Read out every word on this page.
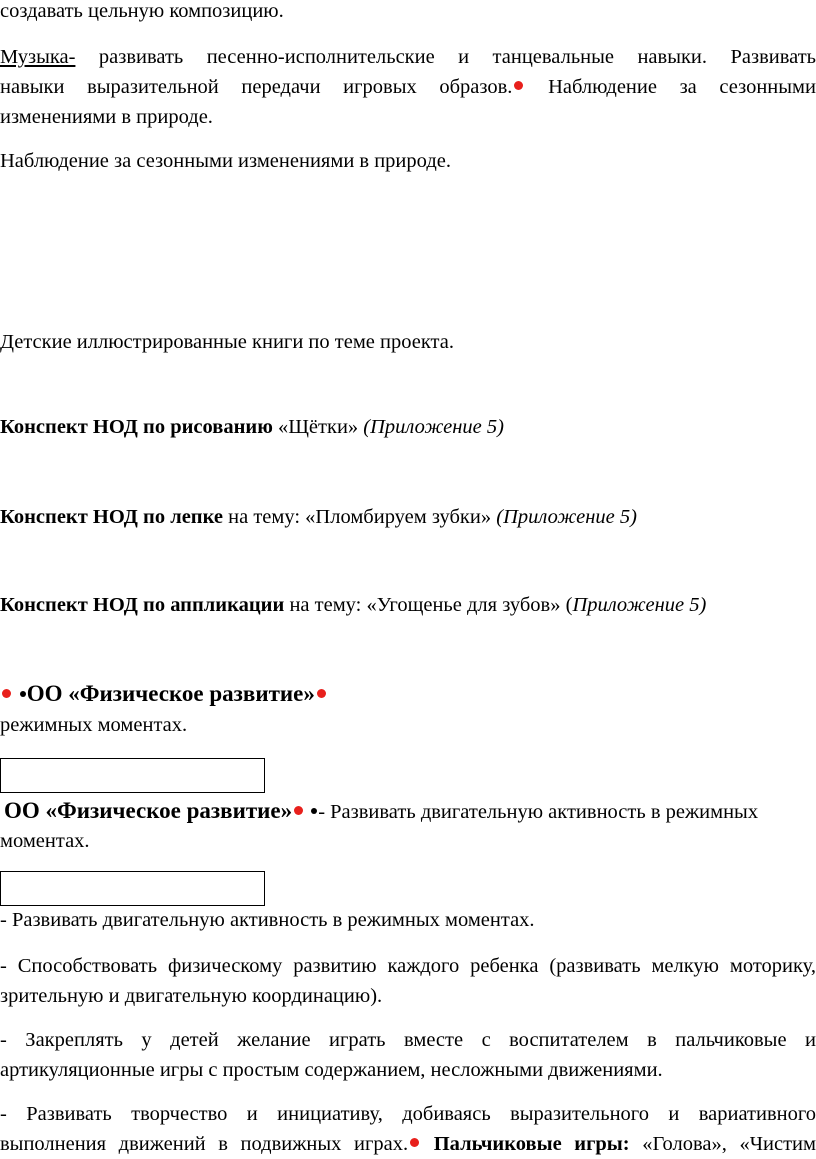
создавать цельную композицию.
Музыка- развивать песенно-исполнительские и танцевальные навыки. Развивать
навыки выразительной передачи игровых образов. Наблюдение за сезонными
изменениями в природе.
Наблюдение за сезонными изменениями в природе.
Детские иллюстрированные книги по теме проекта.
Конспект НОД по рисованию «Щётки» (Приложение 5)
Конспект НОД по лепке на тему: «Пломбируем зубки» (Приложение 5)
Конспект НОД по аппликации на тему: «Угощенье для зубов» (Приложение 5)
ОО «Физическое развитие»
режимных моментах.
ОО «Физическое развитие» - Развивать двигательную активность в режимных
моментах.
- Развивать двигательную активность в режимных моментах.
- Способствовать физическому развитию каждого ребенка (развивать мелкую моторику,
зрительную и двигательную координацию).
- Закреплять у детей желание играть вместе с воспитателем в пальчиковые и
артикуляционные игры с простым содержанием, несложными движениями.
- Развивать творчество и инициативу, добиваясь выразительного и вариативного
выполнения движений в подвижных играх. Пальчиковые игры: «Голова», «Чистим
